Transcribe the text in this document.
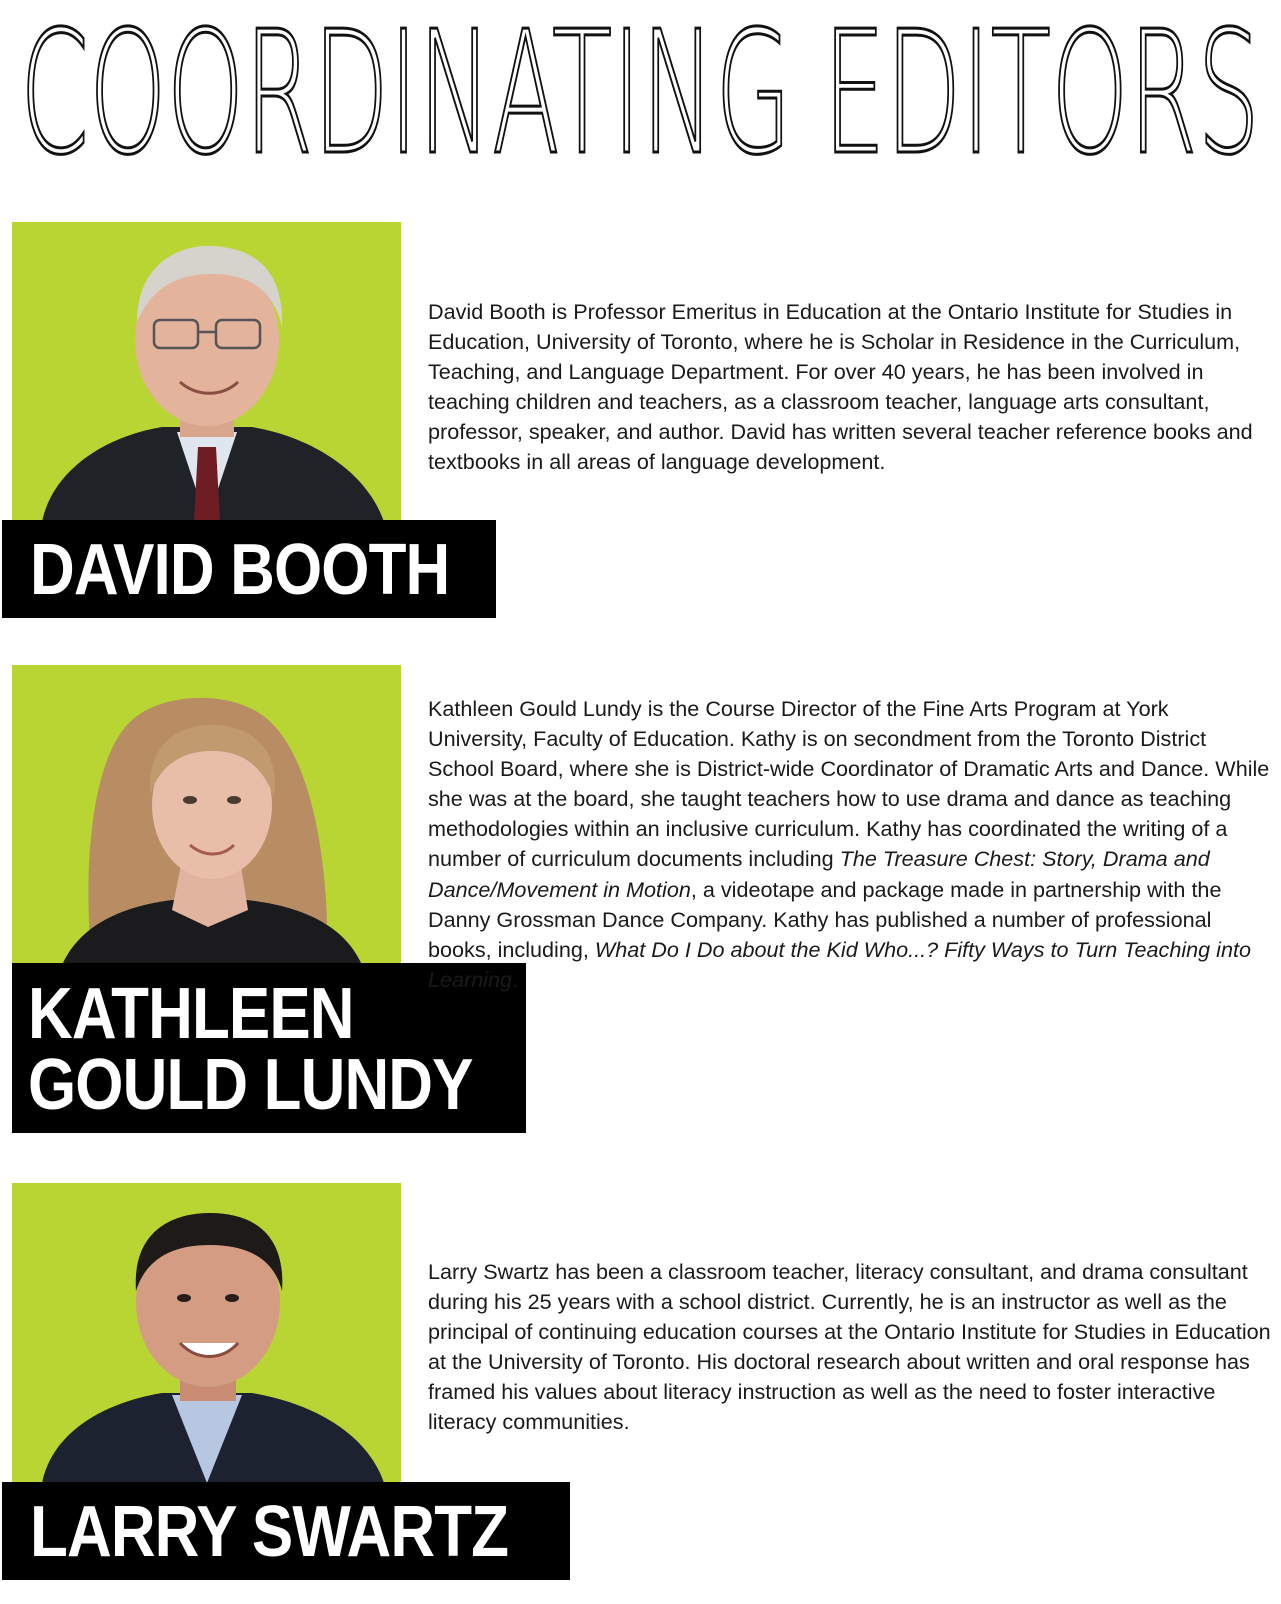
COORDINATING EDITORS
DAVID BOOTH
David Booth is Professor Emeritus in Education at the Ontario Institute for Studies in Education, University of Toronto, where he is Scholar in Residence in the Curriculum, Teaching, and Language Department. For over 40 years, he has been involved in teaching children and teachers, as a classroom teacher, language arts consultant, professor, speaker, and author. David has written several teacher reference books and textbooks in all areas of language development.
KATHLEEN
GOULD LUNDY
Kathleen Gould Lundy is the Course Director of the Fine Arts Program at York University, Faculty of Education. Kathy is on secondment from the Toronto District School Board, where she is District-wide Coordinator of Dramatic Arts and Dance. While she was at the board, she taught teachers how to use drama and dance as teaching methodologies within an inclusive curriculum. Kathy has coordinated the writing of a number of curriculum documents including The Treasure Chest: Story, Drama and Dance/Movement in Motion, a videotape and package made in partnership with the Danny Grossman Dance Company. Kathy has published a number of professional books, including, What Do I Do about the Kid Who...? Fifty Ways to Turn Teaching into Learning.
LARRY SWARTZ
Larry Swartz has been a classroom teacher, literacy consultant, and drama consultant during his 25 years with a school district. Currently, he is an instructor as well as the principal of continuing education courses at the Ontario Institute for Studies in Education at the University of Toronto. His doctoral research about written and oral response has framed his values about literacy instruction as well as the need to foster interactive literacy communities.
